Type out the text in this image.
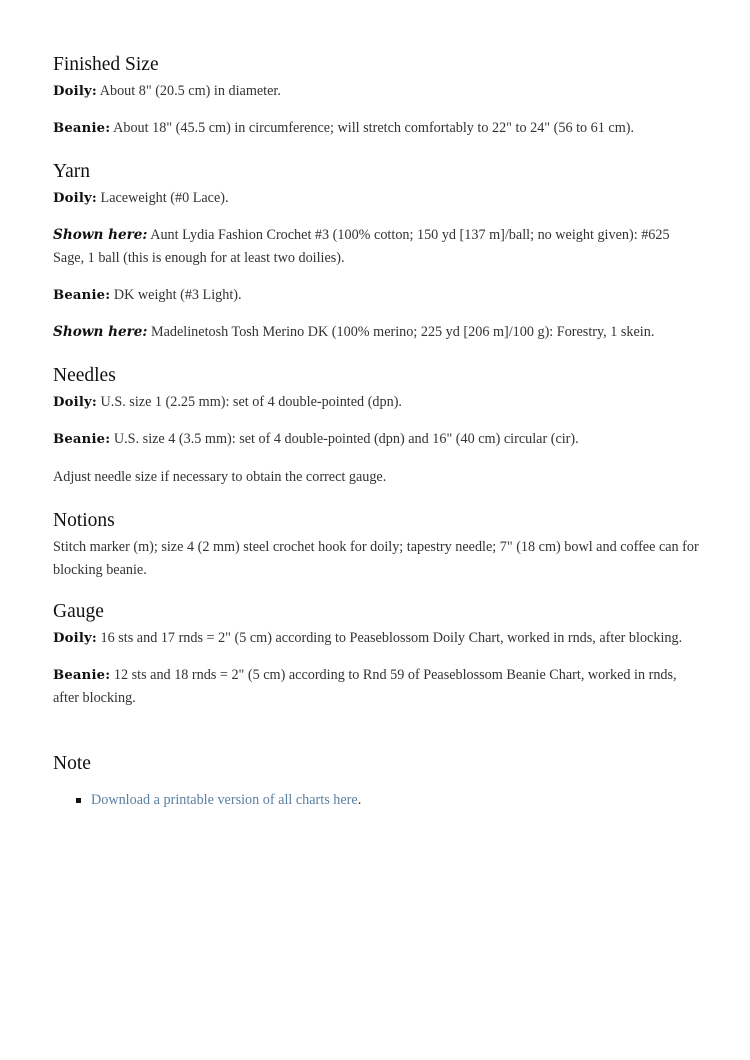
Finished Size

Doily: About 8" (20.5 cm) in diameter.

Beanie: About 18" (45.5 cm) in circumference; will stretch comfortably to 22" to 24" (56 to 61 cm).

Yarn

Doily: Laceweight (#0 Lace).

Shown here: Aunt Lydia Fashion Crochet #3 (100% cotton; 150 yd [137 m]/ball; no weight given): #625 Sage, 1 ball (this is enough for at least two doilies).

Beanie: DK weight (#3 Light).

Shown here: Madelinetosh Tosh Merino DK (100% merino; 225 yd [206 m]/100 g): Forestry, 1 skein.

Needles

Doily: U.S. size 1 (2.25 mm): set of 4 double-pointed (dpn).

Beanie: U.S. size 4 (3.5 mm): set of 4 double-pointed (dpn) and 16" (40 cm) circular (cir).

Adjust needle size if necessary to obtain the correct gauge.

Notions

Stitch marker (m); size 4 (2 mm) steel crochet hook for doily; tapestry needle; 7" (18 cm) bowl and coffee can for blocking beanie.

Gauge

Doily: 16 sts and 17 rnds = 2" (5 cm) according to Peaseblossom Doily Chart, worked in rnds, after blocking.

Beanie: 12 sts and 18 rnds = 2" (5 cm) according to Rnd 59 of Peaseblossom Beanie Chart, worked in rnds, after blocking.

Note
Download a printable version of all charts here.
